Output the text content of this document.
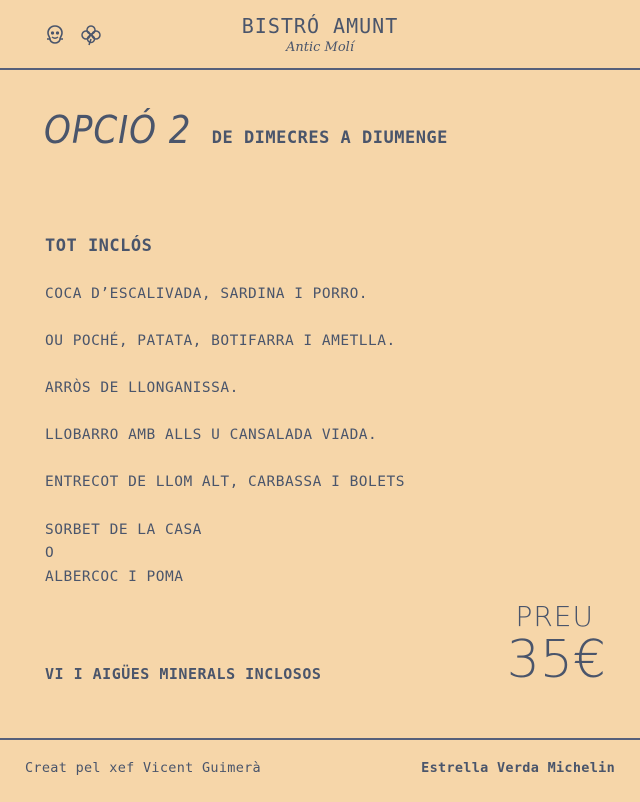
BISTRÓ AMUNT
Antic Molí
OPCIÓ 2 DE DIMECRES A DIUMENGE
TOT INCLÓS
COCA D’ESCALIVADA, SARDINA I PORRO.
OU POCHÉ, PATATA, BOTIFARRA I AMETLLA.
ARRÒS DE LLONGANISSA.
LLOBARRO AMB ALLS U CANSALADA VIADA.
ENTRECOT DE LLOM ALT, CARBASSA I BOLETS
SORBET DE LA CASA
O
ALBERCOC I POMA
PREU
35€
VI I AIGÜES MINERALS INCLOSOS
Creat pel xef Vicent Guimerà	Estrella Verda Michelin
